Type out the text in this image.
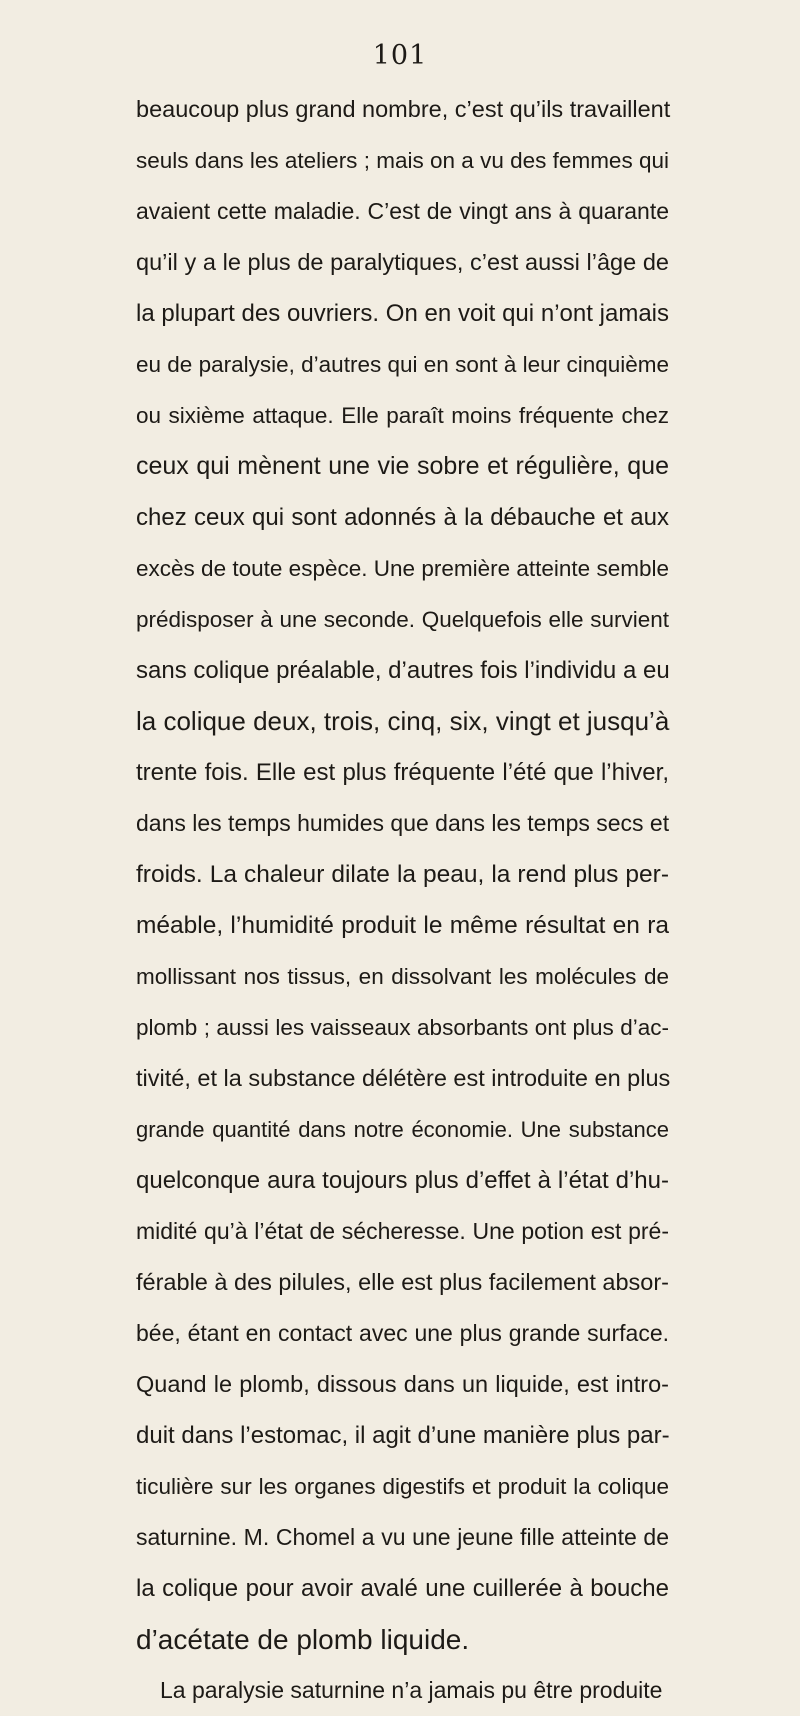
101
beaucoup plus grand nombre, c’est qu’ils travaillent
seuls dans les ateliers ; mais on a vu des femmes qui
avaient cette maladie. C’est de vingt ans à quarante
qu’il y a le plus de paralytiques, c’est aussi l’âge de
la plupart des ouvriers. On en voit qui n’ont jamais
eu de paralysie, d’autres qui en sont à leur cinquième
ou sixième attaque. Elle paraît moins fréquente chez
ceux qui mènent une vie sobre et régulière, que
chez ceux qui sont adonnés à la débauche et aux
excès de toute espèce. Une première atteinte semble
prédisposer à une seconde. Quelquefois elle survient
sans colique préalable, d’autres fois l’individu a eu
la colique deux, trois, cinq, six, vingt et jusqu’à
trente fois. Elle est plus fréquente l’été que l’hiver,
dans les temps humides que dans les temps secs et
froids. La chaleur dilate la peau, la rend plus per-
méable, l’humidité produit le même résultat en ra
mollissant nos tissus, en dissolvant les molécules de
plomb ; aussi les vaisseaux absorbants ont plus d’ac-
tivité, et la substance délétère est introduite en plus
grande quantité dans notre économie. Une substance
quelconque aura toujours plus d’effet à l’état d’hu-
midité qu’à l’état de sécheresse. Une potion est pré-
férable à des pilules, elle est plus facilement absor-
bée, étant en contact avec une plus grande surface.
Quand le plomb, dissous dans un liquide, est intro-
duit dans l’estomac, il agit d’une manière plus par-
ticulière sur les organes digestifs et produit la colique
saturnine. M. Chomel a vu une jeune fille atteinte de
la colique pour avoir avalé une cuillerée à bouche
d’acétate de plomb liquide.
La paralysie saturnine n’a jamais pu être produite
